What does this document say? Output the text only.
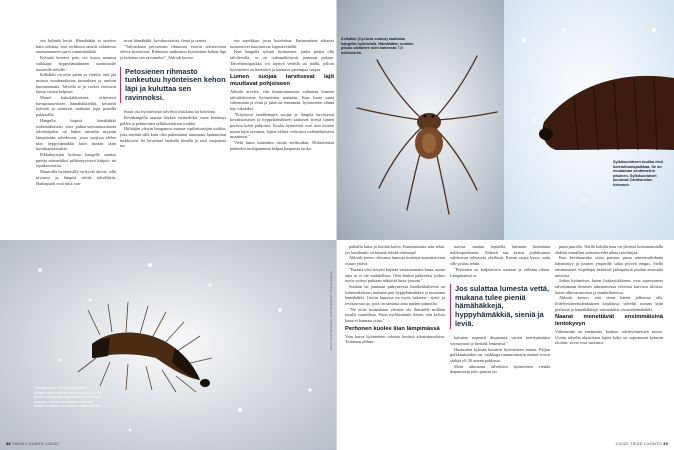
vin kylmää kestä. Hämähäkin ei tarvitse kuin odottaa, että verkkoon tanssii sohimesta tuuntaantuneet parvi tunnistäääkää.

Kylmää kestävä peto voi kutoa ansansa vaikkapa hyppyhämäännen suomimaile tumiselle nöttille.

Kelkäkki on nöte piemi ja värilös, että jää muissa vuodenaikoina tiuniuksen ja useinin huomaamatta. Talvella se ja vorkot erottuvat lumia vasten helposti.

Monet kaksilahkaisista, erityisesti havupuuisetsisen hämähäkkieläit, kestävät kylmää ja saattavat saalistaa jopa pienillä pakkasilla.

Hangella hiipivä hämähäkki todennäköisesti etsii puhaa-savistamuotsmia talvehtijoiksi tai hakee tunnelia myyrän lämpöisään talvehtoon, josta suojissa elelee niin hyppyhämäkkä kuin useaan lajin kovakuoriaisiakin.

Pikkukyrsijän kolosta hangelle saattaa puesta esimerkiksi piilätanyytsevä kääpiö- tai rapukoveiaisia.

Maan alla hyönteisillä on hyvät olovat, sillä ravintoa ja lämpöä riittää talvellakin. Haittapuoli ovat niitä vaa-

nivat hämähäkit, kovakuoriaiset, ilmat ja seneet.

"Talviaikaan petoseinen rihmastot etsivät talviravossa olevia hyönteisiä. Rihmasto tunkeutuu hyönteisen kehon läpi ja kuluttaa sen ravinnoksi", Ahlroth kertoo.

Petosienen rihmasto tunkeutuu hyönteisen kehon läpi ja kuluttaa sen ravinnoksi.

Suuri osa hyönteisistä talvehtii toukkana tai kotelona.

Kevähangella saattaa liikkeä esimerkiksi vasta herännyt pullea ja pehmoinen sylkikuoriaisen toukka.

Hiihtäjän yleisin hangaassa osuuna sipiliekotsäjän toukka, joka näyttää sillä kuin olisi pukeutunut tummaan, laahaavaan turkkiseen. Se havaitsee laukalla ilmalla ja etsii suojaaisia tur-

vin sopukkaa, jossa koteloitua. Ensimmäiset aikuiset ruostesiivet kuoriutuvat loppukeväällä.

Kun hangella työsnii hyönteisen, jonka pitäisi olla talvilevolla, se on todennäköisesti joutunut pulaan. Talvehtimispaikka voi täyttyä vedellä tai jäällä, jolloin hyönteisen on herättävä ja haettava parempaa suojaa.

Lumen suojaa tarvitsevat lajit muuttavat pohjoiseen

Ahlroth arvelee, että ilmastonmuutos vaikuttaa lumeen talviaktiivisten hyönteisten määrään. Kun lunta sataa vähemmän ja vettä ja jäätä on enemmän, hyönteisten elämä käy tukalaksi.

"Erityisesti tumlihangen suojaa ja lämpöä tarvitsevat kovakuoriaiset ja hyppyhämäkkeet saattavat siirtyä lumen perässä kohti pohjoista. Koska hyönteiset ovat niin monen muun lajin ravintoa, lajien väliset verkostot todennäköisesti muuttuvat."

Vielä lunta kuitenkin riittää etelässäkin. Hiihtolenkin pääteeksi mokipannuun kelpaa kaapaista tuoko-

Ruostesiiven (Phragmatobia fuliginosa) toukka liittee kevättalvella dimen silloin lämpenenestä etsimään pakkaa, missä koteloitua. Karvat määren pituus on kolme senttimetriä.
Kuvat: Pauli Kolmainen, Juha Pentikäinen, Anna Hyyppinen
38 TIEDE LUONTO 1/2022
Kelkäkki (Cyclosa conica) saalistaa hangella hyönteisiä. Hämähäkin ruumiin pituus vaihtelee noin kolmesta 7,5 millimetriin.
Sylkikuoriaisen toukka etsii koteloitumispaikkaa. Se on muutaman senttimetrin pituinen. Sylkikuoriaiset kuuluvat Cantharidae-heimoon.

paikalla lunta ja koittää kaivit. Kunnastuusta niin tehtä, jos lumihanki on täynnä elävää elamaaja!

Ahlroth kertoo olevansa lumesta kotietyn nuoruksiivian osuuri yttävä.

"Paraata olisi tietysti käyttää vastasatanutta lunta, mutta aina se ei ole mahdollista. Olen lenkin päätteeksi joskus myös syönyt puhtaan näköistä lunta jaosoni."

Suuhun tai jäumaan päätyneessä lumikekkäleessä on todennäköisesti mukana pari hyppyhämäkkeä ja muutama hämähäkki. Useiin lumessa on myös bakteeri-, sieni- ja levikasvustoja, joita on samasta aina puiden pinnoilta.

"Ne eivät kuitenkaan yleensä ole ihmiselle millään tavalla vaarallisia. Paras nyrkkisääntö lienee, että kelvaa lunta ei kannata ottaa."

Perhonen kuolee liian lämpimässä

Vain harva hyönteinen odottaa kevättä aikuismuodossa. Toinnaan oleban-

noessa saattaa lepatella lämmön herättämä nokkosperhonen. Ahlroth saa kertoa joulukuussa valokuvan talviaseta yksilöstä. Kuvan ottaja kysyi, mitä sille pitäisi tehdä.

"Perhonen on kuljetettava suoraan ja viileään tilaan. Lämpimässä se

Jos sulattaa lumesta vettä, mukana tulee pieniä hämähäkkejä, hyppyhämäkkiä, sieniä ja leviä.

kuluttaa nopeasti disaasasta varien kerrityämääsä voimavarat ja herittää fenkenisä."

Huonoiten kylmää kestävät hyönteisten munat. Paljon polkkuuksiakin on, vaikkapa tuntumiintarin munat voivat särkää yli 30 asteen pakkasta.

Moni aikuisena talvehtiva hyönteinen viettää diapausseja joko puussa tai

puun juurella. Näillä kohdin maa on yleensä kohonnumtalla ehdeää vaarallset sulamisvedet ulkaa talvehtijaa.

Kun kevätaurinko ottaa paistaa, puun aineenvaihdunta käynnistyy ja juurien ympärille sulaa pyöreä rengas. Siellä ensimmäiset viipeltäjät heittävät jäikäpeäytä puulan ensimäär navirtoa.

Jotkin hyönteiset, kuten lisakaytikkönen, ovat sopeutuneet talvettimaan ihmisen rakentamissa viileissä kuivissa tiloissa, kuten ulkovarastoissa ja maakellareissa.

Ahlroth kertoo, että sivan hänen jalkoissa alla, födelvesitteettidenkuksen kirjalassa, talvehti useaan lajin perhosia ja hämähäkkejä, esimerkiksi varastohämähäkki.

Naarat menettävät ensimmäisinä lentokyvyn

Vähemmän on enemmän, koukuu talvihyönteisten motto. Useiin talvella aktiivisten lajien keho on sopeutunut kylmiin oloihin: siivet ovat surkastu-

1/2022 TIEDE LUONTO 39
